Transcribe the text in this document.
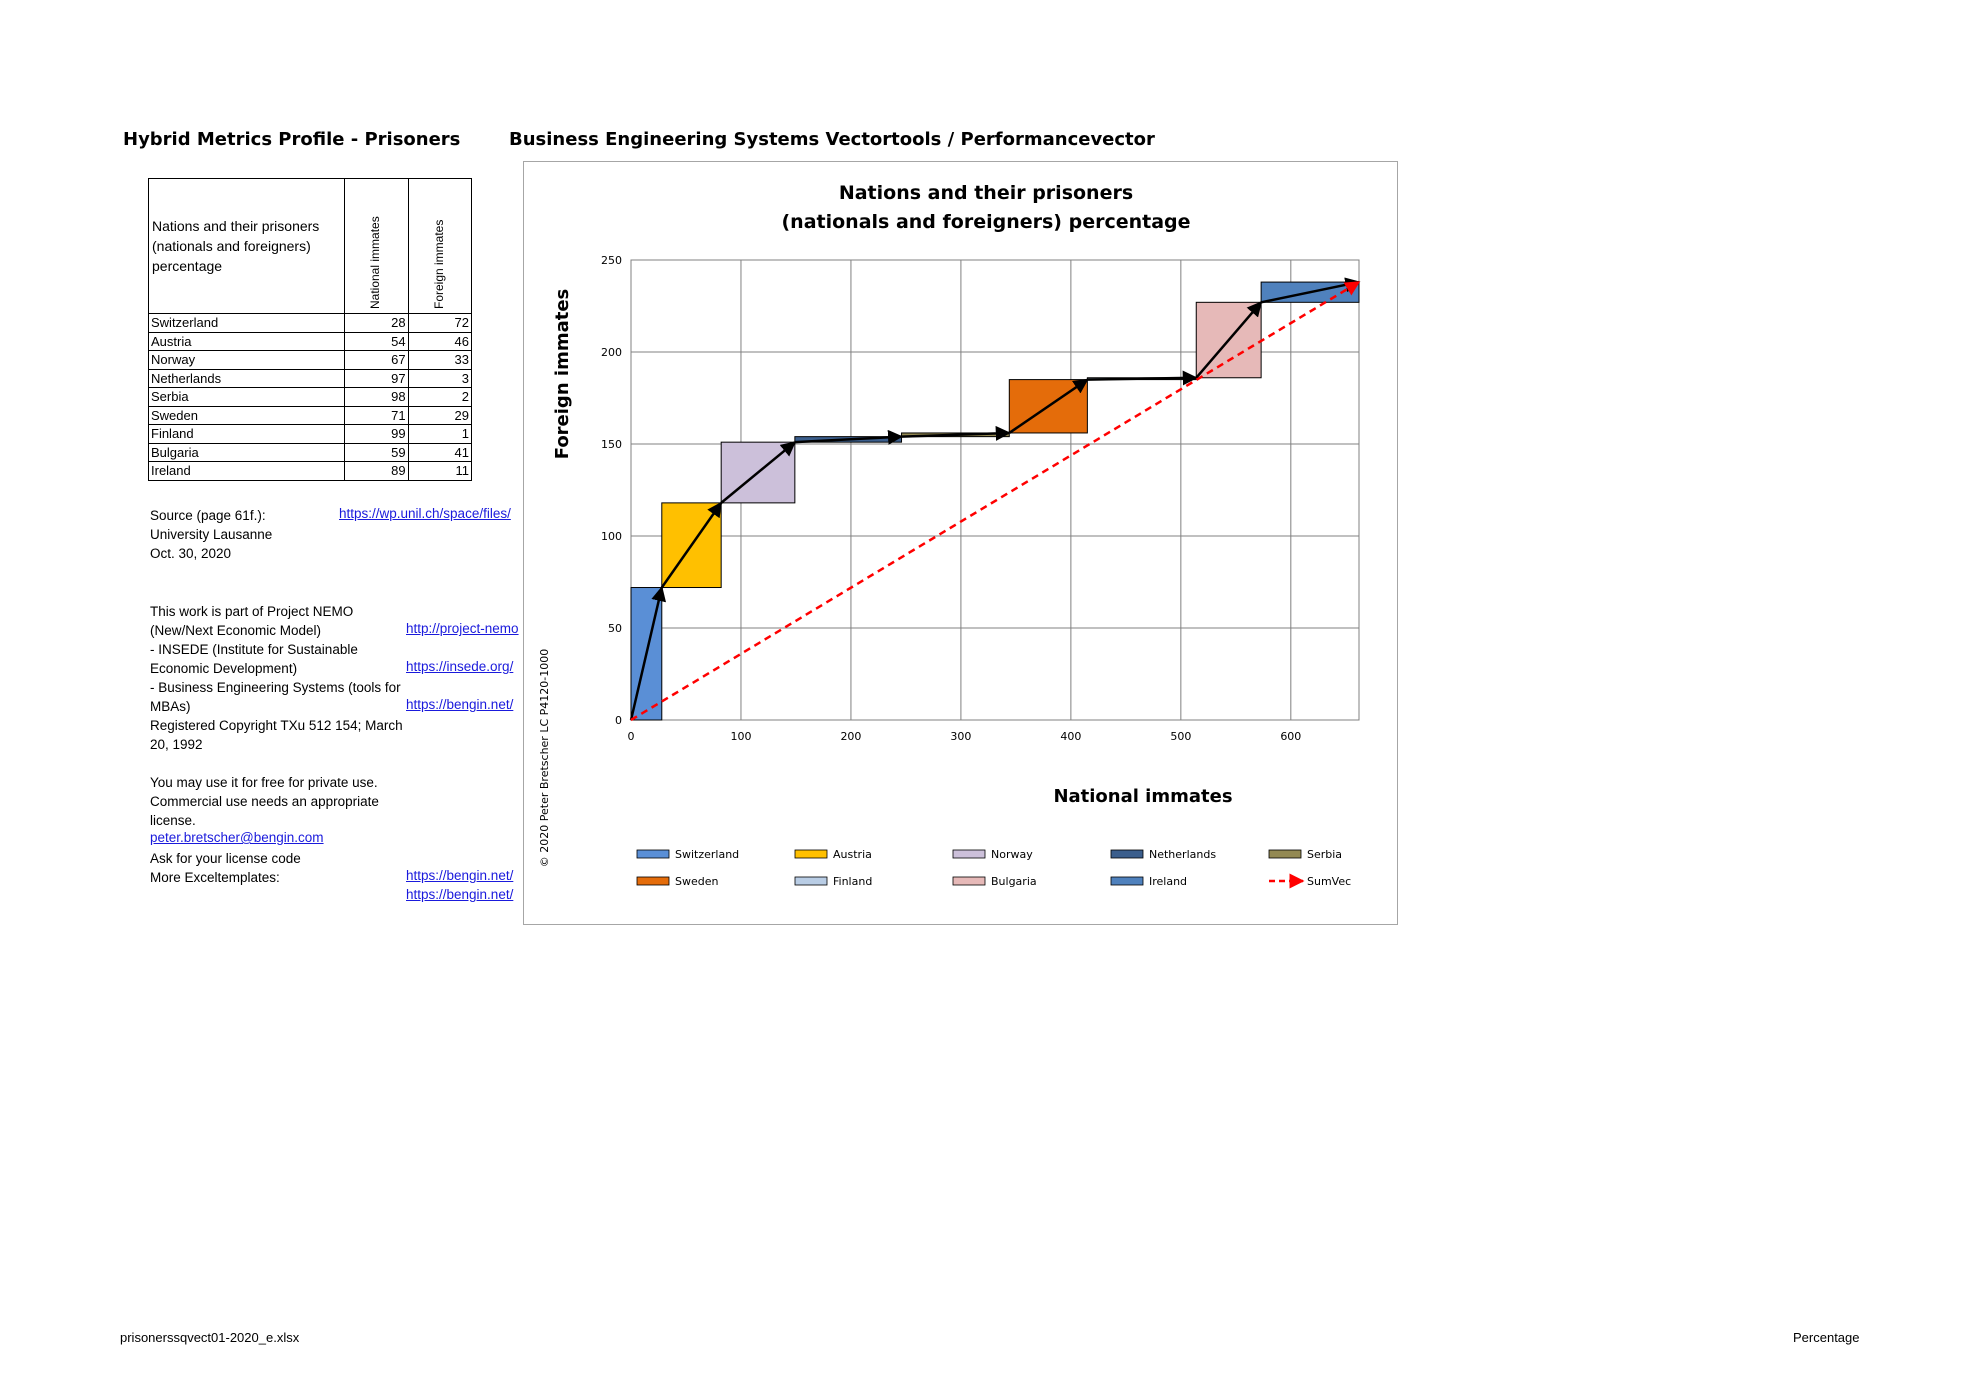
Hybrid Metrics Profile - Prisoners	Business Engineering Systems Vectortools / Performancevector
Nations and their prisoners (nationals and foreigners) percentage	National immates	Foreign immates

Switzerland	28	72
Austria	54	46
Norway	67	33
Netherlands	97	3
Serbia	98	2
Sweden	71	29
Finland	99	1
Bulgaria	59	41
Ireland	89	11
Source (page 61f.):	https://wp.unil.ch/space/files/
University Lausanne
Oct. 30, 2020
This work is part of Project NEMO
(New/Next Economic Model)	http://project-nemo
- INSEDE (Institute for Sustainable
Economic Development)	https://insede.org/
- Business Engineering Systems (tools for
MBAs)	https://bengin.net/
Registered Copyright TXu 512 154; March
20, 1992
You may use it for free for private use.
Commercial use needs an appropriate
license.
peter.bretscher@bengin.com
Ask for your license code
More Exceltemplates:	https://bengin.net/
https://bengin.net/
Nations and their prisoners
(nationals and foreigners) percentage
0
50
100
150
200
250
0	100	200	300	400	500	600
Foreign immates
National immates
© 2020 Peter Bretscher LC P4120-1000	Switzerland	Austria	Norway	Netherlands	Serbia
Sweden	Finland	Bulgaria	Ireland	SumVec
prisonerssqvect01-2020_e.xlsx	Percentage
